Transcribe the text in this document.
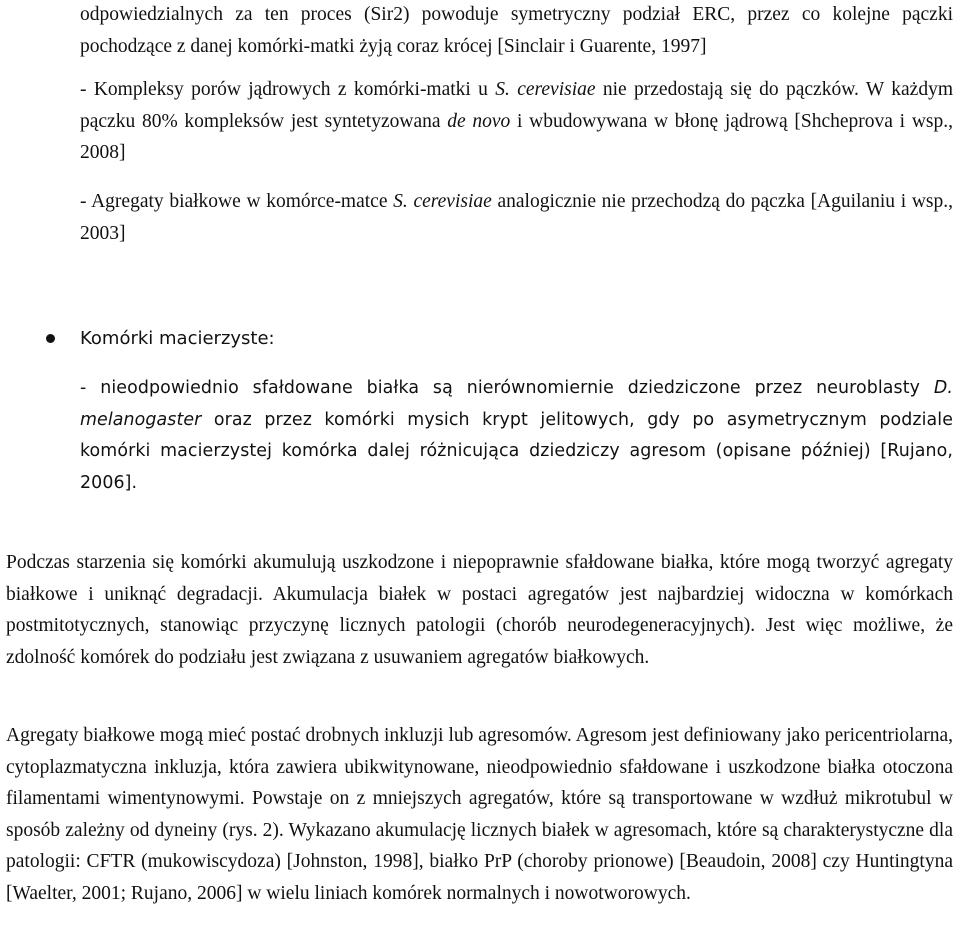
odpowiedzialnych za ten proces (Sir2) powoduje symetryczny podział ERC, przez co kolejne pączki pochodzące z danej komórki-matki żyją coraz krócej [Sinclair i Guarente, 1997]

- Kompleksy porów jądrowych z komórki-matki u S. cerevisiae nie przedostają się do pączków. W każdym pączku 80% kompleksów jest syntetyzowana de novo i wbudowywana w błonę jądrową [Shcheprova i wsp., 2008]

- Agregaty białkowe w komórce-matce S. cerevisiae analogicznie nie przechodzą do pączka [Aguilaniu i wsp., 2003]

Komórki macierzyste:

- nieodpowiednio sfałdowane białka są nierównomiernie dziedziczone przez neuroblasty D. melanogaster oraz przez komórki mysich krypt jelitowych, gdy po asymetrycznym podziale komórki macierzystej komórka dalej różnicująca dziedziczy agresom (opisane później) [Rujano, 2006].

Podczas starzenia się komórki akumulują uszkodzone i niepoprawnie sfałdowane białka, które mogą tworzyć agregaty białkowe i uniknąć degradacji. Akumulacja białek w postaci agregatów jest najbardziej widoczna w komórkach postmitotycznych, stanowiąc przyczynę licznych patologii (chorób neurodegeneracyjnych). Jest więc możliwe, że zdolność komórek do podziału jest związana z usuwaniem agregatów białkowych.

Agregaty białkowe mogą mieć postać drobnych inkluzji lub agresomów. Agresom jest definiowany jako pericentriolarna, cytoplazmatyczna inkluzja, która zawiera ubikwitynowane, nieodpowiednio sfałdowane i uszkodzone białka otoczona filamentami wimentynowymi. Powstaje on z mniejszych agregatów, które są transportowane w wzdłuż mikrotubul w sposób zależny od dyneiny (rys. 2). Wykazano akumulację licznych białek w agresomach, które są charakterystyczne dla patologii: CFTR (mukowiscydoza) [Johnston, 1998], białko PrP (choroby prionowe) [Beaudoin, 2008] czy Huntingtyna [Waelter, 2001; Rujano, 2006] w wielu liniach komórek normalnych i nowotworowych.
